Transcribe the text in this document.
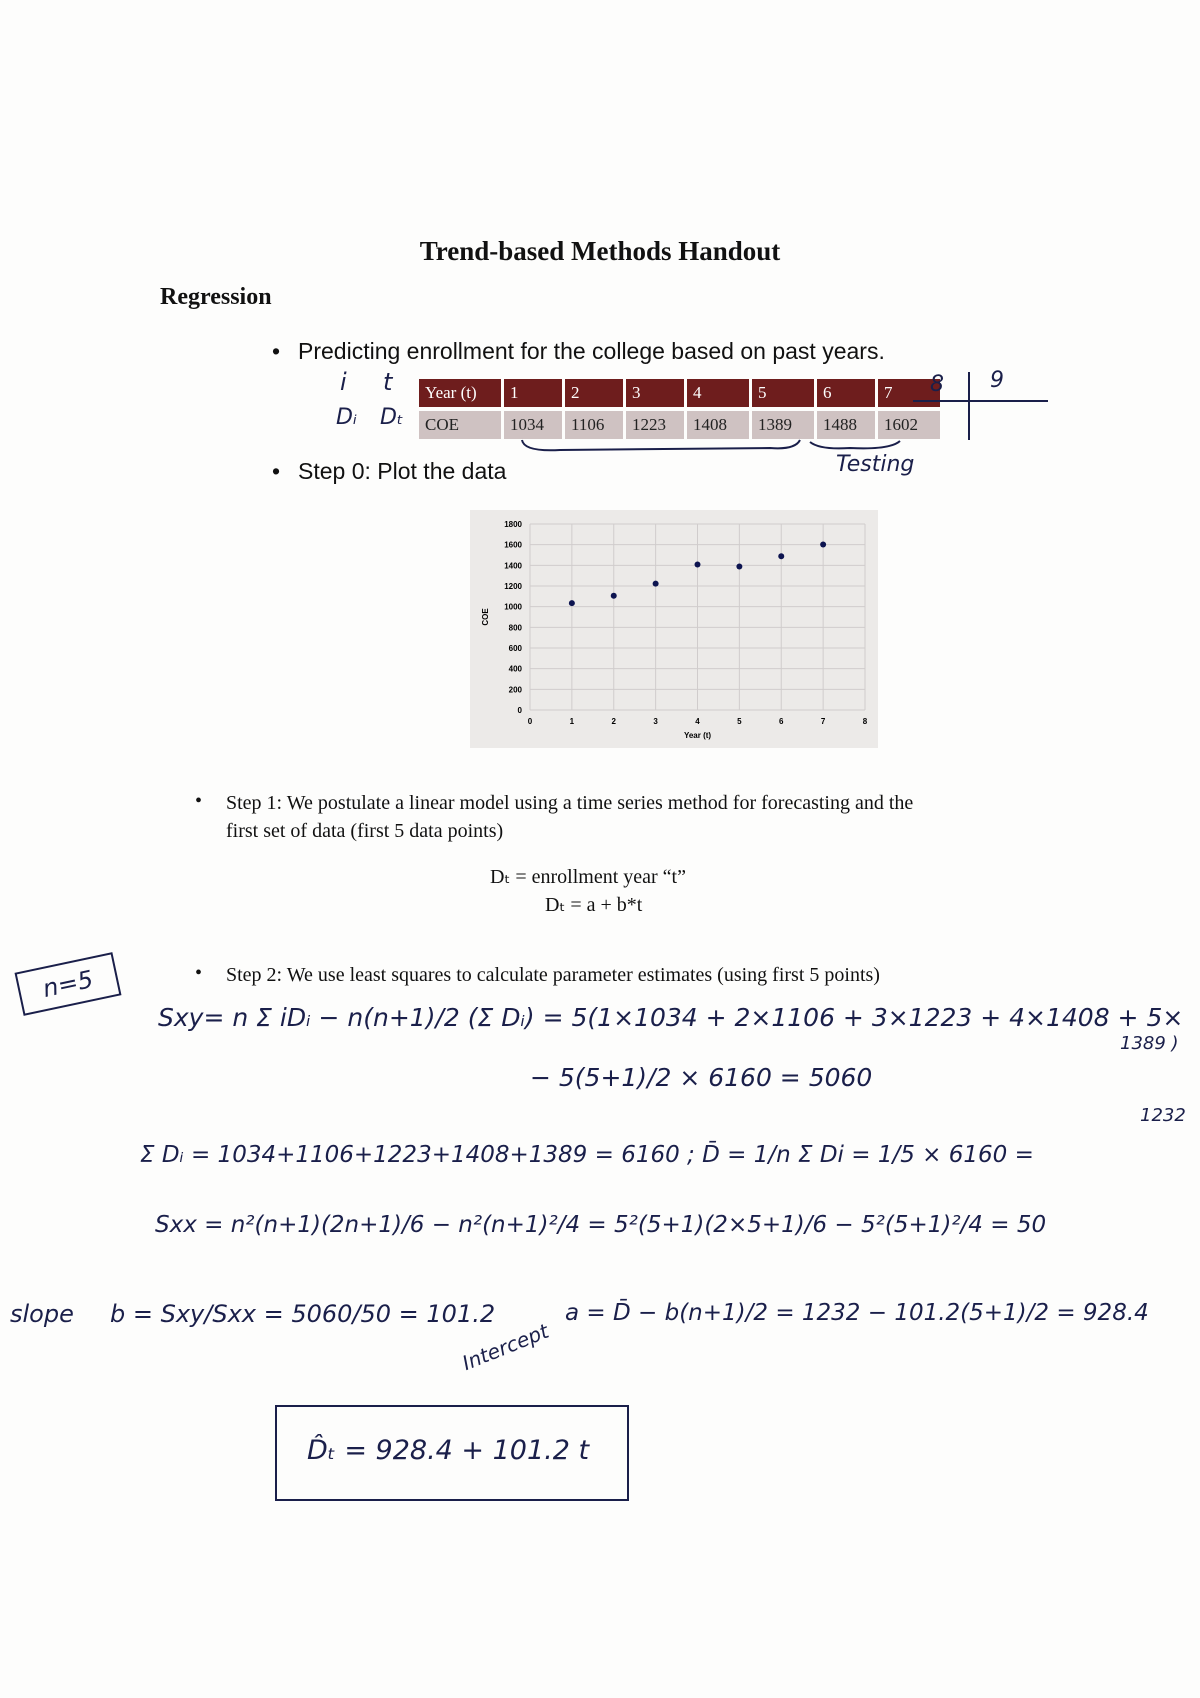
Trend-based Methods Handout
Regression
• Predicting enrollment for the college based on past years.
i t
Dᵢ Dₜ
Year (t)	1	2	3	4	5	6	7
COE	1034	1106	1223	1408	1389	1488	1602
8 9
Testing
• Step 0: Plot the data
0
200
400
600
800
1000
1200
1400
1600
1800
0	1	2	3	4	5	6	7	8
Year (t)
COE
• Step 1: We postulate a linear model using a time series method for forecasting and the
first set of data (first 5 data points)
Dₜ = enrollment year “t”
Dₜ = a + b*t
• Step 2: We use least squares to calculate parameter estimates (using first 5 points)
n=5
Sxy= n Σ iDᵢ − n(n+1)/2 (Σ Dᵢ) = 5(1×1034 + 2×1106 + 3×1223 + 4×1408 + 5×
1389 )
− 5(5+1)/2 × 6160 = 5060
1232
Σ Dᵢ = 1034+1106+1223+1408+1389 = 6160 ; D̄ = 1/n Σ Di = 1/5 × 6160 =
Sxx = n²(n+1)(2n+1)/6 − n²(n+1)²/4 = 5²(5+1)(2×5+1)/6 − 5²(5+1)²/4 = 50
slope b = Sxy/Sxx = 5060/50 = 101.2
Intercept
a = D̄ − b(n+1)/2 = 1232 − 101.2(5+1)/2 = 928.4
D̂ₜ = 928.4 + 101.2 t
